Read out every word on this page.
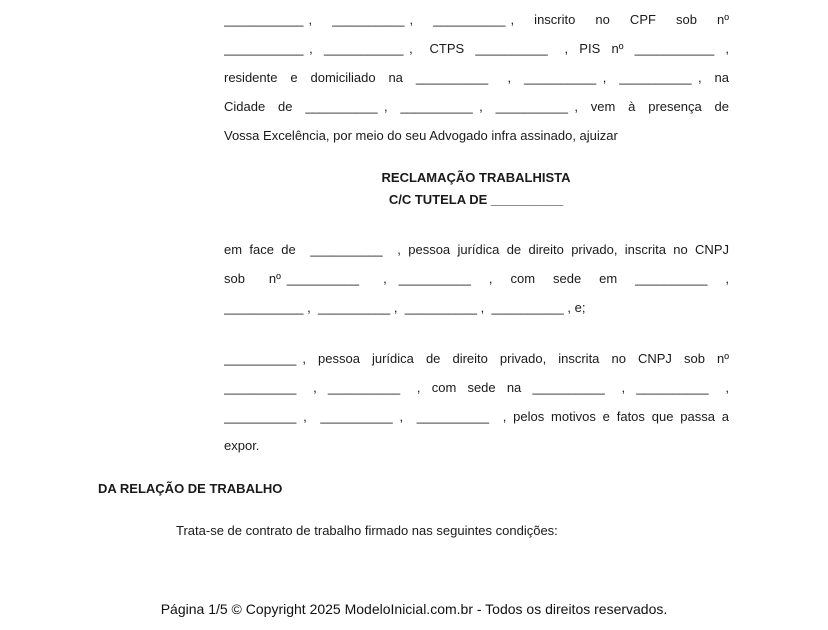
___________ ,    __________ ,    __________ ,    inscrito    no    CPF    sob    nº
___________ ,  ___________ ,   CTPS  __________   ,  PIS  nº  ___________  ,
residente  e  domiciliado  na  __________   ,  __________ ,  __________ ,  na
Cidade  de  __________ ,  __________ ,  __________ ,  vem  à  presença  de
Vossa Excelência, por meio do seu Advogado infra assinado, ajuizar
RECLAMAÇÃO TRABALHISTA
C/C TUTELA DE __________
em face de  __________  , pessoa jurídica de direito privado, inscrita no CNPJ
sob    nº __________    ,  __________   ,   com   sede   em   __________   ,
___________ ,  __________ ,  __________ ,  __________ , e;
__________ ,  pessoa  jurídica  de  direito  privado,  inscrita  no  CNPJ  sob  nº
__________   ,  __________   ,  com  sede  na  __________   ,  __________   ,
__________ ,  __________ ,  __________  , pelos motivos e fatos que passa a
expor.
DA RELAÇÃO DE TRABALHO
Trata-se de contrato de trabalho firmado nas seguintes condições:
Página 1/5 © Copyright 2025 ModeloInicial.com.br - Todos os direitos reservados.
